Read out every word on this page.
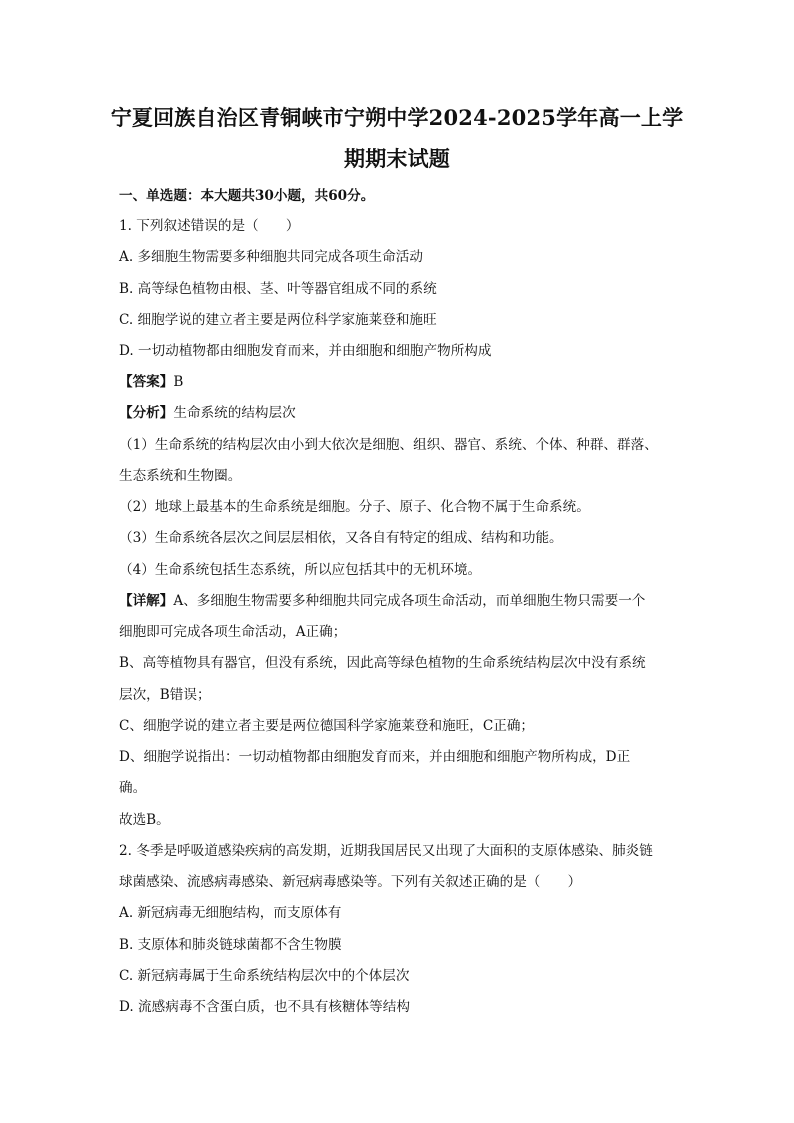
宁夏回族自治区青铜峡市宁朔中学2024-2025学年高一上学
期期末试题
一、单选题：本大题共30小题，共60分。
1. 下列叙述错误的是（　　）
A. 多细胞生物需要多种细胞共同完成各项生命活动
B. 高等绿色植物由根、茎、叶等器官组成不同的系统
C. 细胞学说的建立者主要是两位科学家施莱登和施旺
D. 一切动植物都由细胞发育而来，并由细胞和细胞产物所构成
【答案】B
【分析】生命系统的结构层次
（1）生命系统的结构层次由小到大依次是细胞、组织、器官、系统、个体、种群、群落、
生态系统和生物圈。
（2）地球上最基本的生命系统是细胞。分子、原子、化合物不属于生命系统。
（3）生命系统各层次之间层层相依，又各自有特定的组成、结构和功能。
（4）生命系统包括生态系统，所以应包括其中的无机环境。
【详解】A、多细胞生物需要多种细胞共同完成各项生命活动，而单细胞生物只需要一个
细胞即可完成各项生命活动，A正确；
B、高等植物具有器官，但没有系统，因此高等绿色植物的生命系统结构层次中没有系统
层次，B错误；
C、细胞学说的建立者主要是两位德国科学家施莱登和施旺，C正确；
D、细胞学说指出：一切动植物都由细胞发育而来，并由细胞和细胞产物所构成，D正
确。
故选B。
2. 冬季是呼吸道感染疾病的高发期，近期我国居民又出现了大面积的支原体感染、肺炎链
球菌感染、流感病毒感染、新冠病毒感染等。下列有关叙述正确的是（　　）
A. 新冠病毒无细胞结构，而支原体有
B. 支原体和肺炎链球菌都不含生物膜
C. 新冠病毒属于生命系统结构层次中的个体层次
D. 流感病毒不含蛋白质，也不具有核糖体等结构
